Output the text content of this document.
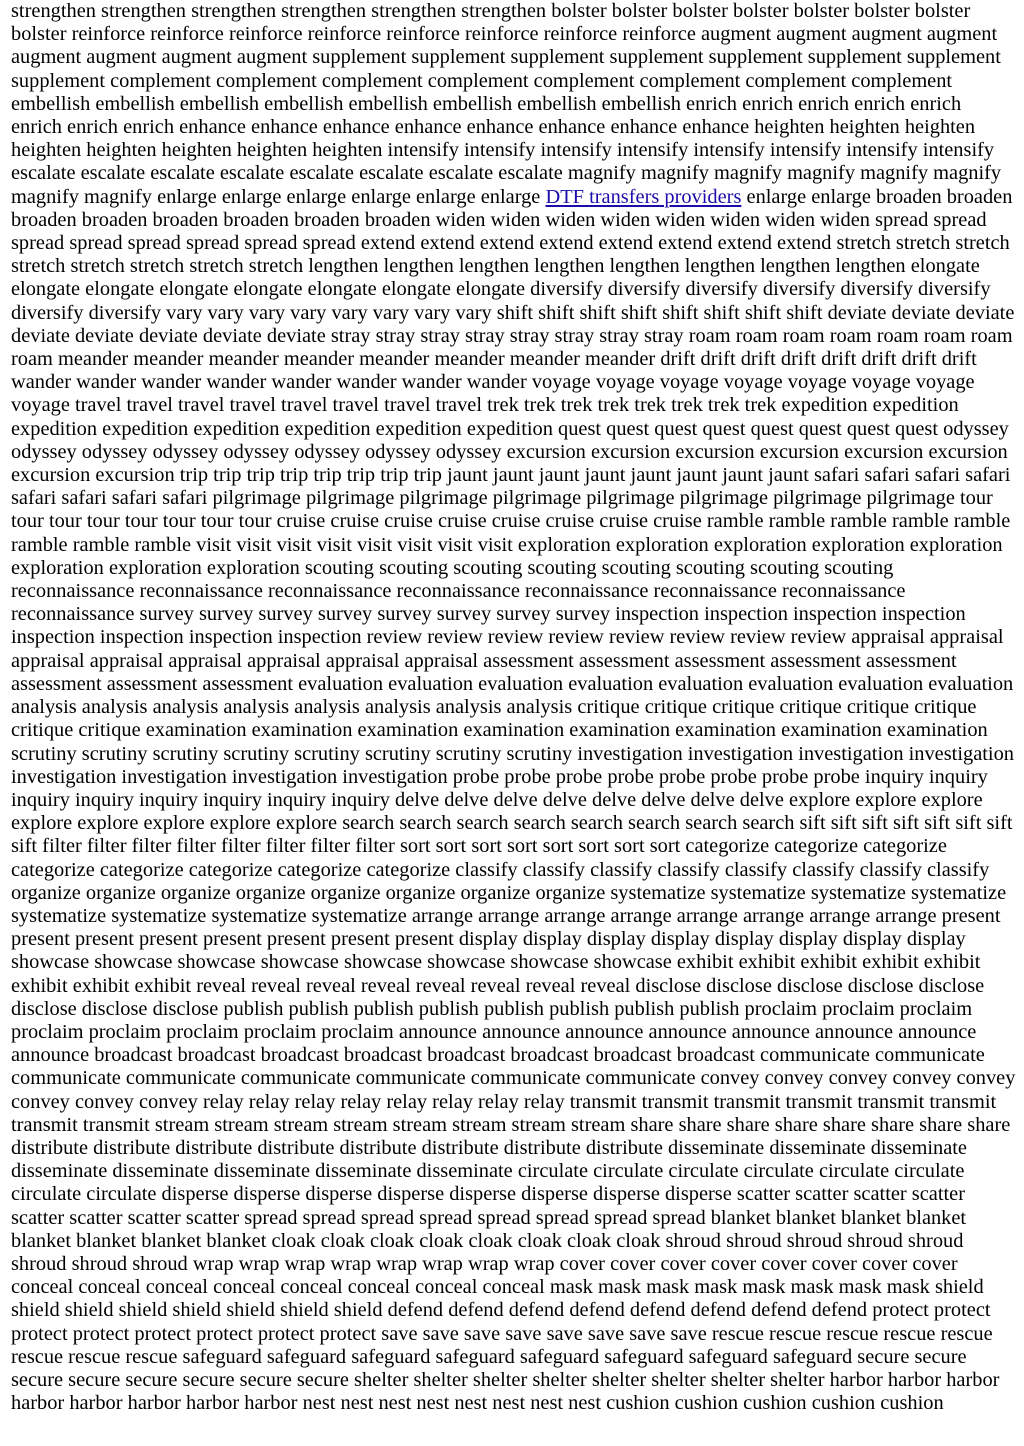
strengthen strengthen strengthen strengthen strengthen strengthen bolster bolster bolster bolster bolster bolster bolster bolster reinforce reinforce reinforce reinforce reinforce reinforce reinforce reinforce augment augment augment augment augment augment augment augment supplement supplement supplement supplement supplement supplement supplement supplement complement complement complement complement complement complement complement complement embellish embellish embellish embellish embellish embellish embellish embellish enrich enrich enrich enrich enrich enrich enrich enrich enhance enhance enhance enhance enhance enhance enhance enhance heighten heighten heighten heighten heighten heighten heighten heighten intensify intensify intensify intensify intensify intensify intensify intensify escalate escalate escalate escalate escalate escalate escalate escalate magnify magnify magnify magnify magnify magnify magnify magnify enlarge enlarge enlarge enlarge enlarge enlarge DTF transfers providers enlarge enlarge broaden broaden broaden broaden broaden broaden broaden broaden widen widen widen widen widen widen widen widen spread spread spread spread spread spread spread spread extend extend extend extend extend extend extend extend stretch stretch stretch stretch stretch stretch stretch stretch lengthen lengthen lengthen lengthen lengthen lengthen lengthen lengthen elongate elongate elongate elongate elongate elongate elongate elongate diversify diversify diversify diversify diversify diversify diversify diversify vary vary vary vary vary vary vary vary shift shift shift shift shift shift shift shift deviate deviate deviate deviate deviate deviate deviate deviate stray stray stray stray stray stray stray stray roam roam roam roam roam roam roam roam meander meander meander meander meander meander meander meander drift drift drift drift drift drift drift drift wander wander wander wander wander wander wander wander voyage voyage voyage voyage voyage voyage voyage voyage travel travel travel travel travel travel travel travel trek trek trek trek trek trek trek trek expedition expedition expedition expedition expedition expedition expedition expedition quest quest quest quest quest quest quest quest odyssey odyssey odyssey odyssey odyssey odyssey odyssey odyssey excursion excursion excursion excursion excursion excursion excursion excursion trip trip trip trip trip trip trip trip jaunt jaunt jaunt jaunt jaunt jaunt jaunt jaunt safari safari safari safari safari safari safari safari pilgrimage pilgrimage pilgrimage pilgrimage pilgrimage pilgrimage pilgrimage pilgrimage tour tour tour tour tour tour tour tour cruise cruise cruise cruise cruise cruise cruise cruise ramble ramble ramble ramble ramble ramble ramble ramble visit visit visit visit visit visit visit visit exploration exploration exploration exploration exploration exploration exploration exploration scouting scouting scouting scouting scouting scouting scouting scouting reconnaissance reconnaissance reconnaissance reconnaissance reconnaissance reconnaissance reconnaissance reconnaissance survey survey survey survey survey survey survey survey inspection inspection inspection inspection inspection inspection inspection inspection review review review review review review review review appraisal appraisal appraisal appraisal appraisal appraisal appraisal appraisal assessment assessment assessment assessment assessment assessment assessment assessment evaluation evaluation evaluation evaluation evaluation evaluation evaluation evaluation analysis analysis analysis analysis analysis analysis analysis analysis critique critique critique critique critique critique critique critique examination examination examination examination examination examination examination examination scrutiny scrutiny scrutiny scrutiny scrutiny scrutiny scrutiny scrutiny investigation investigation investigation investigation investigation investigation investigation investigation probe probe probe probe probe probe probe probe inquiry inquiry inquiry inquiry inquiry inquiry inquiry inquiry delve delve delve delve delve delve delve delve explore explore explore explore explore explore explore explore search search search search search search search search sift sift sift sift sift sift sift sift filter filter filter filter filter filter filter filter sort sort sort sort sort sort sort sort categorize categorize categorize categorize categorize categorize categorize categorize classify classify classify classify classify classify classify classify organize organize organize organize organize organize organize organize systematize systematize systematize systematize systematize systematize systematize systematize arrange arrange arrange arrange arrange arrange arrange arrange present present present present present present present present display display display display display display display display showcase showcase showcase showcase showcase showcase showcase showcase exhibit exhibit exhibit exhibit exhibit exhibit exhibit exhibit reveal reveal reveal reveal reveal reveal reveal reveal disclose disclose disclose disclose disclose disclose disclose disclose publish publish publish publish publish publish publish publish proclaim proclaim proclaim proclaim proclaim proclaim proclaim proclaim announce announce announce announce announce announce announce announce broadcast broadcast broadcast broadcast broadcast broadcast broadcast broadcast communicate communicate communicate communicate communicate communicate communicate communicate convey convey convey convey convey convey convey convey relay relay relay relay relay relay relay relay transmit transmit transmit transmit transmit transmit transmit transmit stream stream stream stream stream stream stream stream share share share share share share share share distribute distribute distribute distribute distribute distribute distribute distribute disseminate disseminate disseminate disseminate disseminate disseminate disseminate disseminate circulate circulate circulate circulate circulate circulate circulate circulate disperse disperse disperse disperse disperse disperse disperse disperse scatter scatter scatter scatter scatter scatter scatter scatter spread spread spread spread spread spread spread spread blanket blanket blanket blanket blanket blanket blanket blanket cloak cloak cloak cloak cloak cloak cloak cloak shroud shroud shroud shroud shroud shroud shroud shroud wrap wrap wrap wrap wrap wrap wrap wrap cover cover cover cover cover cover cover cover conceal conceal conceal conceal conceal conceal conceal conceal mask mask mask mask mask mask mask mask shield shield shield shield shield shield shield shield defend defend defend defend defend defend defend defend protect protect protect protect protect protect protect protect save save save save save save save save rescue rescue rescue rescue rescue rescue rescue rescue safeguard safeguard safeguard safeguard safeguard safeguard safeguard safeguard secure secure secure secure secure secure secure secure shelter shelter shelter shelter shelter shelter shelter shelter harbor harbor harbor harbor harbor harbor harbor harbor nest nest nest nest nest nest nest nest cushion cushion cushion cushion cushion
